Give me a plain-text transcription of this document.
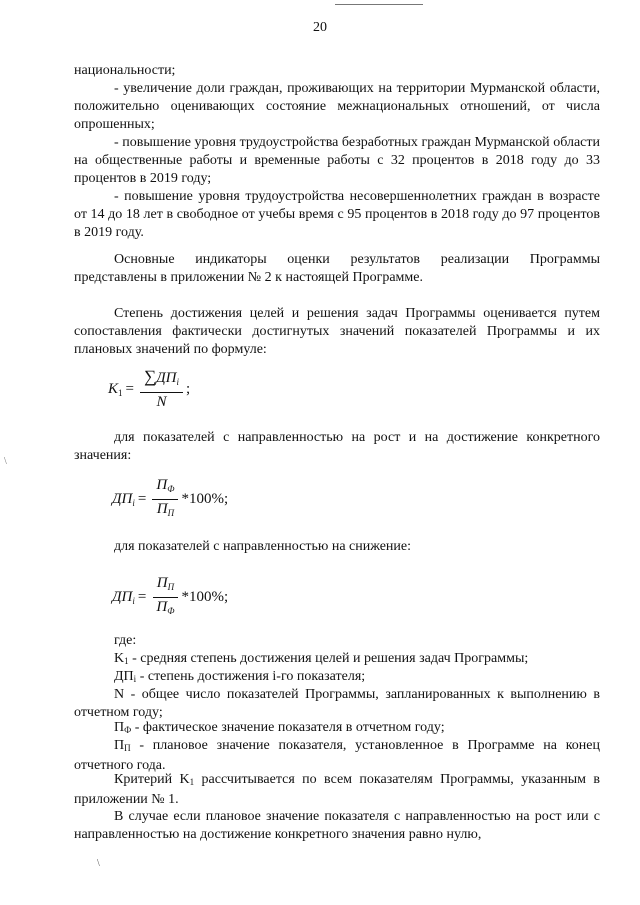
20

национальности;

- увеличение доли граждан, проживающих на территории Мурманской области, положительно оценивающих состояние межнациональных отношений, от числа опрошенных;

- повышение уровня трудоустройства безработных граждан Мурманской области на общественные работы и временные работы с 32 процентов в 2018 году до 33 процентов в 2019 году;

- повышение уровня трудоустройства несовершеннолетних граждан в возрасте от 14 до 18 лет в свободное от учебы время с 95 процентов в 2018 году до 97 процентов в 2019 году.

Основные индикаторы оценки результатов реализации Программы представлены в приложении № 2 к настоящей Программе.

Степень достижения целей и решения задач Программы оценивается путем сопоставления фактически достигнутых значений показателей Программы и их плановых значений по формуле:

$K_1 = \frac{\sum ДП_i}{N}$ ;

для показателей с направленностью на рост и на достижение конкретного значения:

$ДП_i = \frac{П_Ф}{П_П} *100\%$;

для показателей с направленностью на снижение:

$ДП_i = \frac{П_П}{П_Ф} *100\%$;

где:

$K_1$ - средняя степень достижения целей и решения задач Программы;

$ДП_i$ - степень достижения i-го показателя;

N - общее число показателей Программы, запланированных к выполнению в отчетном году;

$П_Ф$ - фактическое значение показателя в отчетном году;

$П_П$ - плановое значение показателя, установленное в Программе на конец отчетного года.

Критерий $K_1$ рассчитывается по всем показателям Программы, указанным в приложении № 1.

В случае если плановое значение показателя с направленностью на рост или с направленностью на достижение конкретного значения равно нулю,

\
\
